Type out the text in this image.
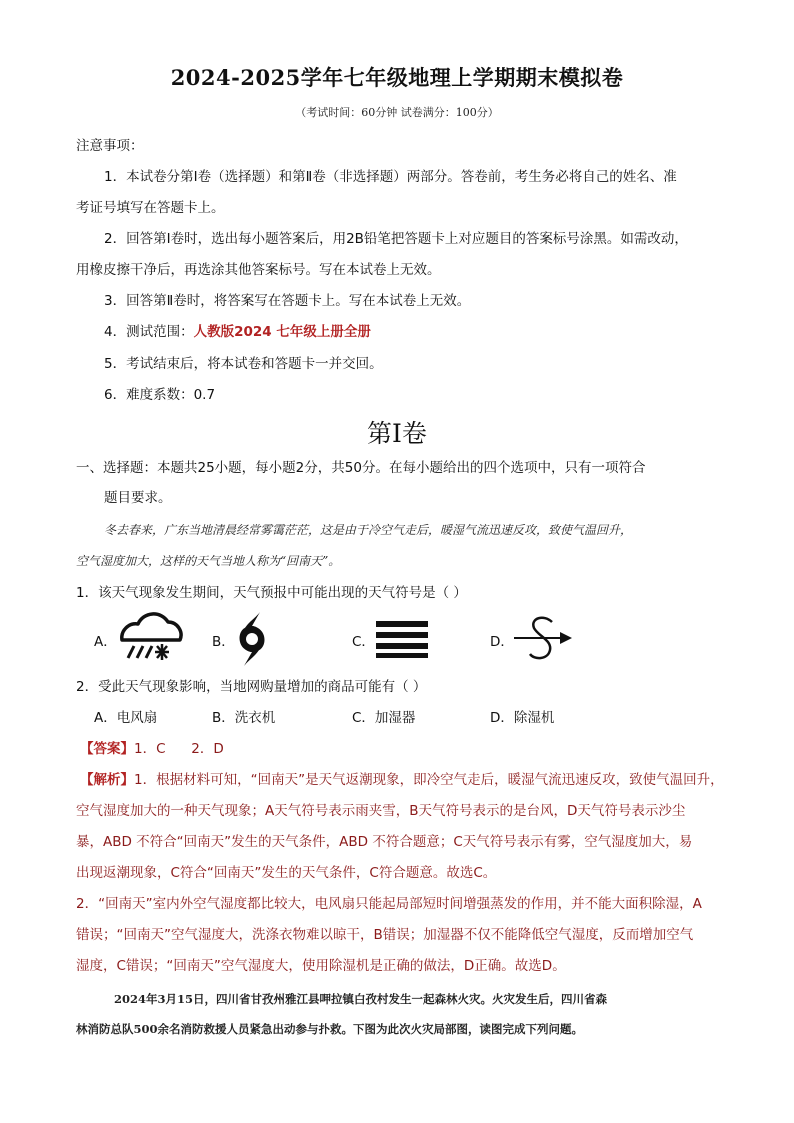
2024-2025学年七年级地理上学期期末模拟卷
（考试时间：60分钟 试卷满分：100分）
注意事项：
1．本试卷分第Ⅰ卷（选择题）和第Ⅱ卷（非选择题）两部分。答卷前，考生务必将自己的姓名、准
考证号填写在答题卡上。
2．回答第Ⅰ卷时，选出每小题答案后，用2B铅笔把答题卡上对应题目的答案标号涂黑。如需改动，
用橡皮擦干净后，再选涂其他答案标号。写在本试卷上无效。
3．回答第Ⅱ卷时，将答案写在答题卡上。写在本试卷上无效。
4．测试范围：人教版2024 七年级上册全册
5．考试结束后，将本试卷和答题卡一并交回。
6．难度系数：0.7
第Ⅰ卷
一、选择题：本题共25小题，每小题2分，共50分。在每小题给出的四个选项中，只有一项符合
题目要求。
冬去春来，广东当地清晨经常雾霭茫茫，这是由于冷空气走后，暖湿气流迅速反攻，致使气温回升，
空气湿度加大，这样的天气当地人称为“回南天”。
1．该天气现象发生期间，天气预报中可能出现的天气符号是（ ）
A．	B．	C．	D．
2．受此天气现象影响，当地网购量增加的商品可能有（ ）
A．电风扇	B．洗衣机	C．加湿器	D．除湿机
【答案】1．C      2．D
【解析】1．根据材料可知，“回南天”是天气返潮现象，即冷空气走后，暖湿气流迅速反攻，致使气温回升，
空气湿度加大的一种天气现象；A天气符号表示雨夹雪，B天气符号表示的是台风，D天气符号表示沙尘
暴，ABD 不符合“回南天”发生的天气条件，ABD 不符合题意；C天气符号表示有雾，空气湿度加大，易
出现返潮现象，C符合“回南天”发生的天气条件，C符合题意。故选C。
2．“回南天”室内外空气湿度都比较大，电风扇只能起局部短时间增强蒸发的作用，并不能大面积除湿，A
错误；“回南天”空气湿度大，洗涤衣物难以晾干，B错误；加湿器不仅不能降低空气湿度，反而增加空气
湿度，C错误；“回南天”空气湿度大，使用除湿机是正确的做法，D正确。故选D。
2024年3月15日，四川省甘孜州雅江县呷拉镇白孜村发生一起森林火灾。火灾发生后，四川省森
林消防总队500余名消防救援人员紧急出动参与扑救。下图为此次火灾局部图，读图完成下列问题。
